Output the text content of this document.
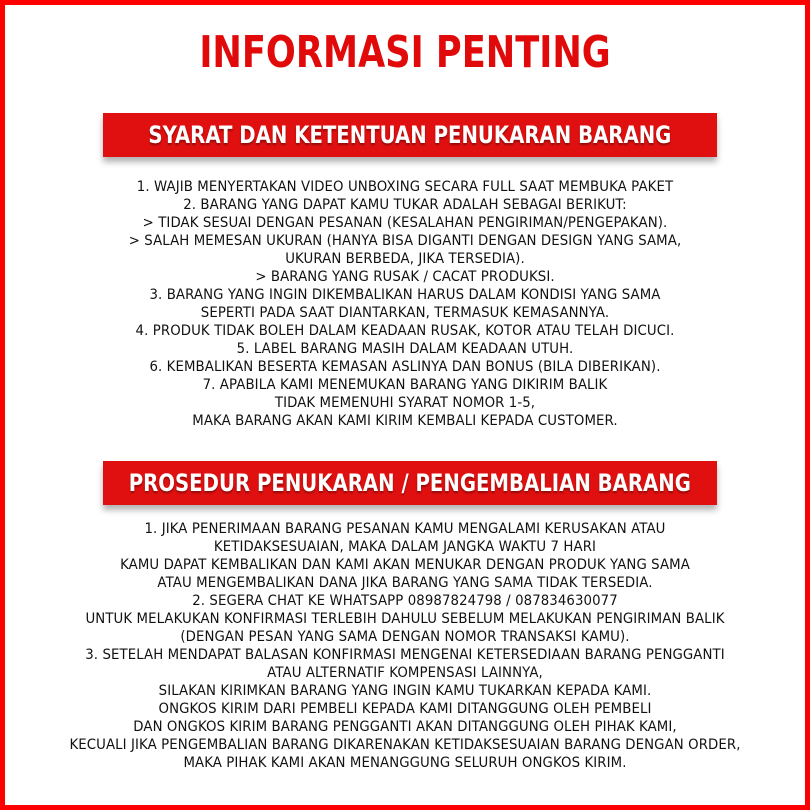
INFORMASI PENTING
SYARAT DAN KETENTUAN PENUKARAN BARANG
1. WAJIB MENYERTAKAN VIDEO UNBOXING SECARA FULL SAAT MEMBUKA PAKET
2. BARANG YANG DAPAT KAMU TUKAR ADALAH SEBAGAI BERIKUT:
> TIDAK SESUAI DENGAN PESANAN (KESALAHAN PENGIRIMAN/PENGEPAKAN).
> SALAH MEMESAN UKURAN (HANYA BISA DIGANTI DENGAN DESIGN YANG SAMA,
UKURAN BERBEDA, JIKA TERSEDIA).
> BARANG YANG RUSAK / CACAT PRODUKSI.
3. BARANG YANG INGIN DIKEMBALIKAN HARUS DALAM KONDISI YANG SAMA
SEPERTI PADA SAAT DIANTARKAN, TERMASUK KEMASANNYA.
4. PRODUK TIDAK BOLEH DALAM KEADAAN RUSAK, KOTOR ATAU TELAH DICUCI.
5. LABEL BARANG MASIH DALAM KEADAAN UTUH.
6. KEMBALIKAN BESERTA KEMASAN ASLINYA DAN BONUS (BILA DIBERIKAN).
7. APABILA KAMI MENEMUKAN BARANG YANG DIKIRIM BALIK
TIDAK MEMENUHI SYARAT NOMOR 1-5,
MAKA BARANG AKAN KAMI KIRIM KEMBALI KEPADA CUSTOMER.
PROSEDUR PENUKARAN / PENGEMBALIAN BARANG
1. JIKA PENERIMAAN BARANG PESANAN KAMU MENGALAMI KERUSAKAN ATAU
KETIDAKSESUAIAN, MAKA DALAM JANGKA WAKTU 7 HARI
KAMU DAPAT KEMBALIKAN DAN KAMI AKAN MENUKAR DENGAN PRODUK YANG SAMA
ATAU MENGEMBALIKAN DANA JIKA BARANG YANG SAMA TIDAK TERSEDIA.
2. SEGERA CHAT KE WHATSAPP 08987824798 / 087834630077
UNTUK MELAKUKAN KONFIRMASI TERLEBIH DAHULU SEBELUM MELAKUKAN PENGIRIMAN BALIK
(DENGAN PESAN YANG SAMA DENGAN NOMOR TRANSAKSI KAMU).
3. SETELAH MENDAPAT BALASAN KONFIRMASI MENGENAI KETERSEDIAAN BARANG PENGGANTI
ATAU ALTERNATIF KOMPENSASI LAINNYA,
SILAKAN KIRIMKAN BARANG YANG INGIN KAMU TUKARKAN KEPADA KAMI.
ONGKOS KIRIM DARI PEMBELI KEPADA KAMI DITANGGUNG OLEH PEMBELI
DAN ONGKOS KIRIM BARANG PENGGANTI AKAN DITANGGUNG OLEH PIHAK KAMI,
KECUALI JIKA PENGEMBALIAN BARANG DIKARENAKAN KETIDAKSESUAIAN BARANG DENGAN ORDER,
MAKA PIHAK KAMI AKAN MENANGGUNG SELURUH ONGKOS KIRIM.
